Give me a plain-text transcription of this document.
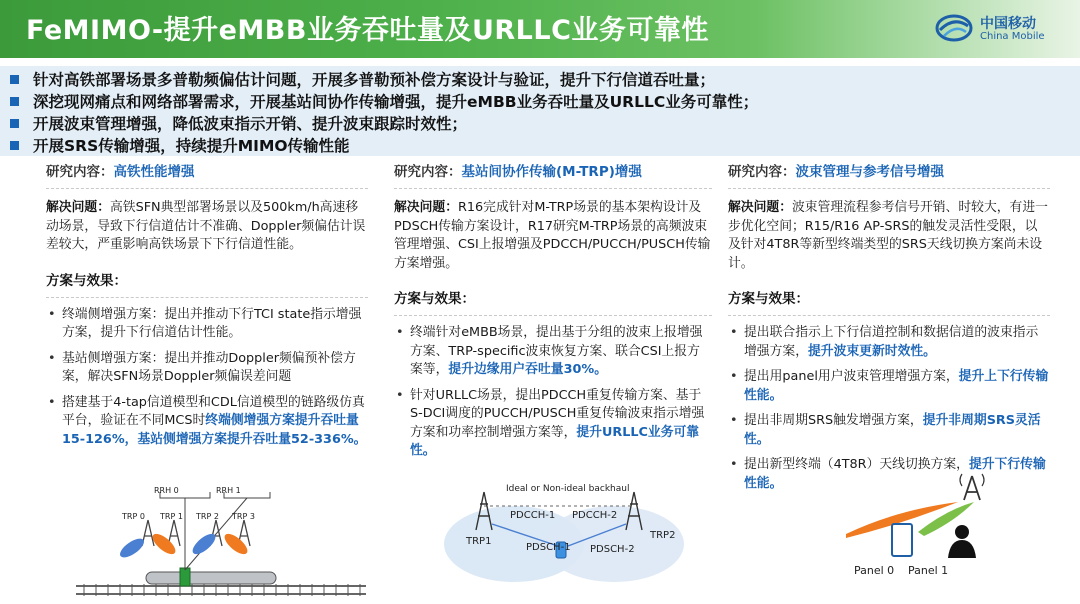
FeMIMO-提升eMBB业务吞吐量及URLLC业务可靠性	中国移动
China Mobile
针对高铁部署场景多普勒频偏估计问题，开展多普勒预补偿方案设计与验证，提升下行信道吞吐量；
深挖现网痛点和网络部署需求，开展基站间协作传输增强，提升eMBB业务吞吐量及URLLC业务可靠性；
开展波束管理增强，降低波束指示开销、提升波束跟踪时效性；
开展SRS传输增强，持续提升MIMO传输性能
研究内容：高铁性能增强
解决问题：高铁SFN典型部署场景以及500km/h高速移动场景，导致下行信道估计不准确、Doppler频偏估计误差较大，严重影响高铁场景下下行信道性能。
方案与效果：
• 终端侧增强方案：提出并推动下行TCI state指示增强方案，提升下行信道估计性能。
• 基站侧增强方案：提出并推动Doppler频偏预补偿方案，解决SFN场景Doppler频偏误差问题
• 搭建基于4-tap信道模型和CDL信道模型的链路级仿真平台，验证在不同MCS时终端侧增强方案提升吞吐量15-126%，基站侧增强方案提升吞吐量52-336%。
研究内容：基站间协作传输(M-TRP)增强
解决问题：R16完成针对M-TRP场景的基本架构设计及PDSCH传输方案设计，R17研究M-TRP场景的高频波束管理增强、CSI上报增强及PDCCH/PUCCH/PUSCH传输方案增强。
方案与效果：
• 终端针对eMBB场景，提出基于分组的波束上报增强方案、TRP-specific波束恢复方案、联合CSI上报方案等，提升边缘用户吞吐量30%。
• 针对URLLC场景，提出PDCCH重复传输方案、基于S-DCI调度的PUCCH/PUSCH重复传输波束指示增强方案和功率控制增强方案等，提升URLLC业务可靠性。
研究内容：波束管理与参考信号增强
解决问题：波束管理流程参考信号开销、时较大，有进一步优化空间；R15/R16 AP-SRS的触发灵活性受限，以及针对4T8R等新型终端类型的SRS天线切换方案尚未设计。
方案与效果：
• 提出联合指示上下行信道控制和数据信道的波束指示增强方案，提升波束更新时效性。
• 提出用panel用户波束管理增强方案，提升上下行传输性能。
• 提出非周期SRS触发增强方案，提升非周期SRS灵活性。
• 提出新型终端（4T8R）天线切换方案，提升下行传输性能。
RRH 0	RRH 1
TRP 0 TRP 1 TRP 2 TRP 3
Ideal or Non-ideal backhaul
TRP1
TRP2
PDCCH-1 PDCCH-2
PDSCH-1 PDSCH-2
Panel 0 Panel 1
